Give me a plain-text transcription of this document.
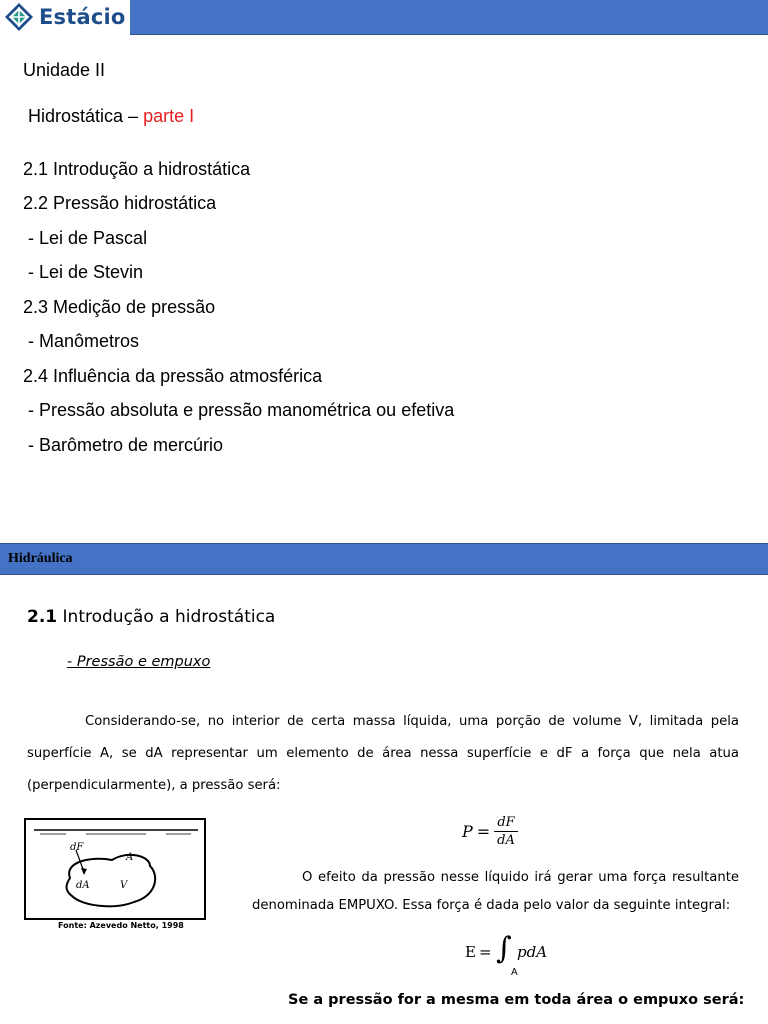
Estácio
Unidade II
Hidrostática – parte I
2.1 Introdução a hidrostática
2.2 Pressão hidrostática
- Lei de Pascal
- Lei de Stevin
2.3 Medição de pressão
- Manômetros
2.4 Influência da pressão atmosférica
- Pressão absoluta e pressão manométrica ou efetiva
- Barômetro de mercúrio
Hidráulica
2.1 Introdução a hidrostática
- Pressão e empuxo

Considerando-se, no interior de certa massa líquida, uma porção de volume V, limitada pela superfície A, se dA representar um elemento de área nessa superfície e dF a força que nela atua (perpendicularmente), a pressão será:

dF
dA
A
V
Fonte: Azevedo Netto, 1998
$P = \frac{dF}{dA}$

O efeito da pressão nesse líquido irá gerar uma força resultante denominada EMPUXO. Essa força é dada pelo valor da seguinte integral:

E = ∫ pdA
A
Se a pressão for a mesma em toda área o empuxo será:
